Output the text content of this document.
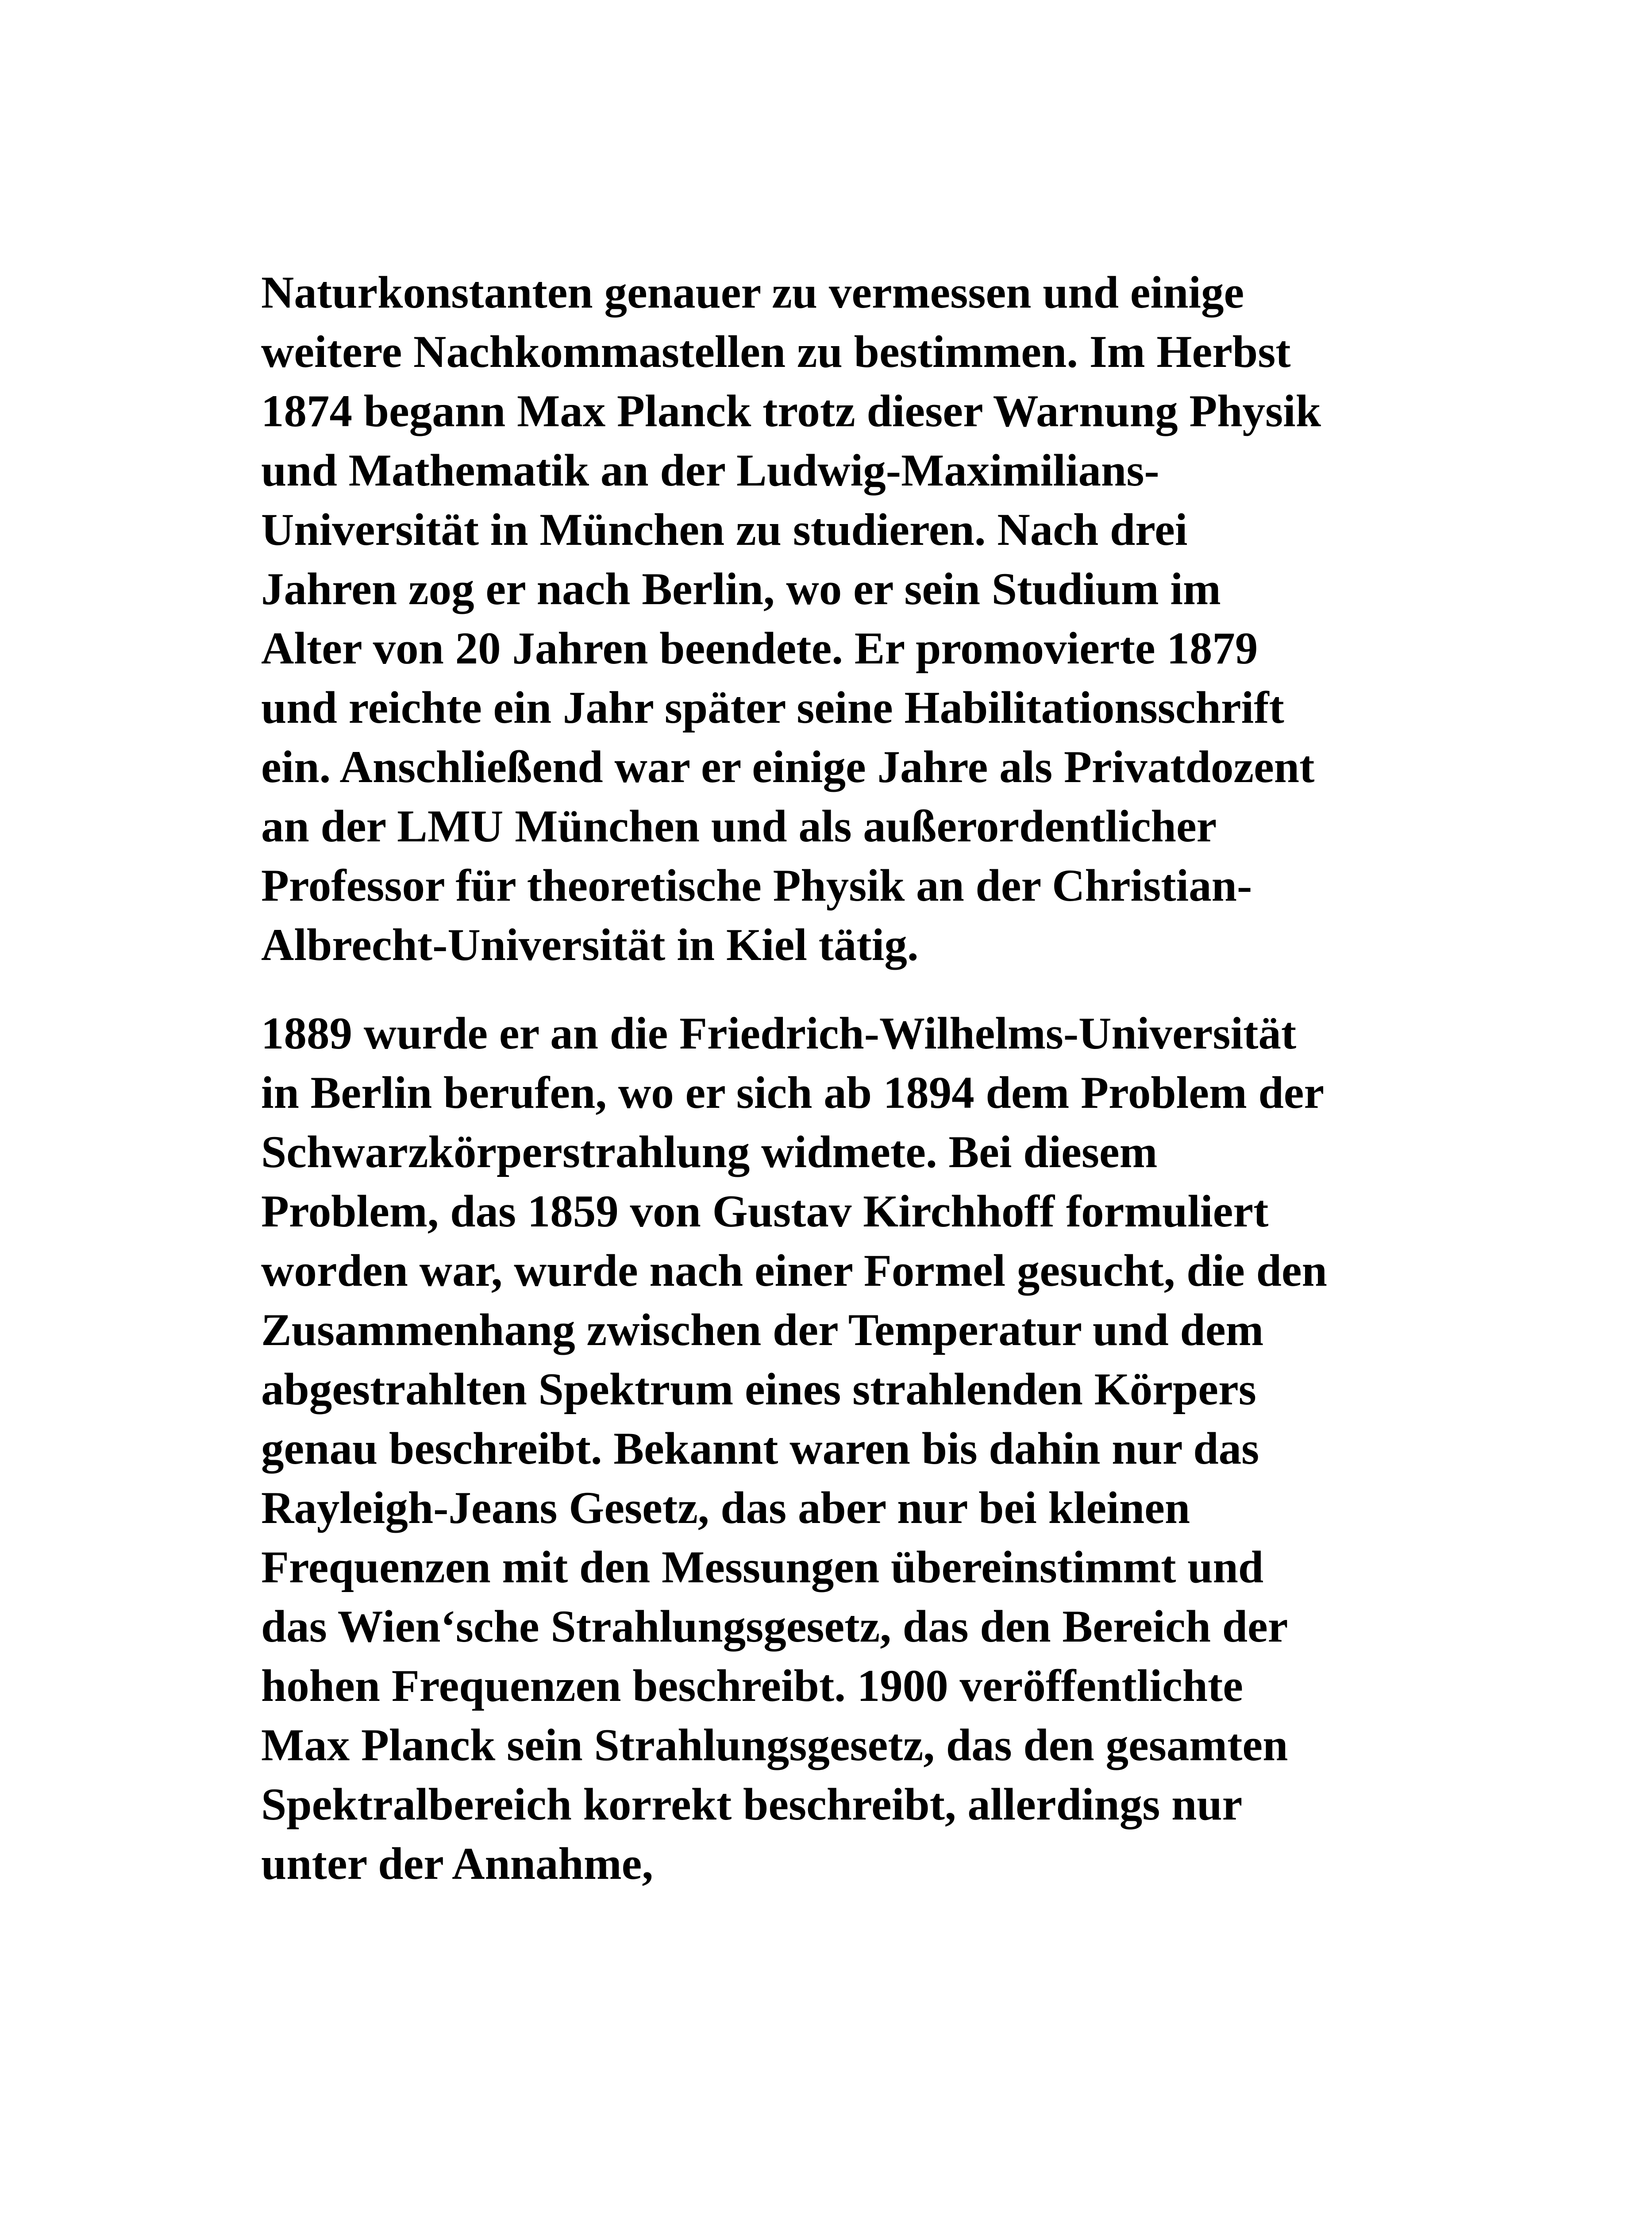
Naturkonstanten genauer zu vermessen und einige
weitere Nachkommastellen zu bestimmen. Im Herbst
1874 begann Max Planck trotz dieser Warnung Physik
und Mathematik an der Ludwig-Maximilians-
Universität in München zu studieren. Nach drei
Jahren zog er nach Berlin, wo er sein Studium im
Alter von 20 Jahren beendete. Er promovierte 1879
und reichte ein Jahr später seine Habilitationsschrift
ein. Anschließend war er einige Jahre als Privatdozent
an der LMU München und als außerordentlicher
Professor für theoretische Physik an der Christian-
Albrecht-Universität in Kiel tätig.
1889 wurde er an die Friedrich-Wilhelms-Universität
in Berlin berufen, wo er sich ab 1894 dem Problem der
Schwarzkörperstrahlung widmete. Bei diesem
Problem, das 1859 von Gustav Kirchhoff formuliert
worden war, wurde nach einer Formel gesucht, die den
Zusammenhang zwischen der Temperatur und dem
abgestrahlten Spektrum eines strahlenden Körpers
genau beschreibt. Bekannt waren bis dahin nur das
Rayleigh-Jeans Gesetz, das aber nur bei kleinen
Frequenzen mit den Messungen übereinstimmt und
das Wien‘sche Strahlungsgesetz, das den Bereich der
hohen Frequenzen beschreibt. 1900 veröffentlichte
Max Planck sein Strahlungsgesetz, das den gesamten
Spektralbereich korrekt beschreibt, allerdings nur
unter der Annahme,
